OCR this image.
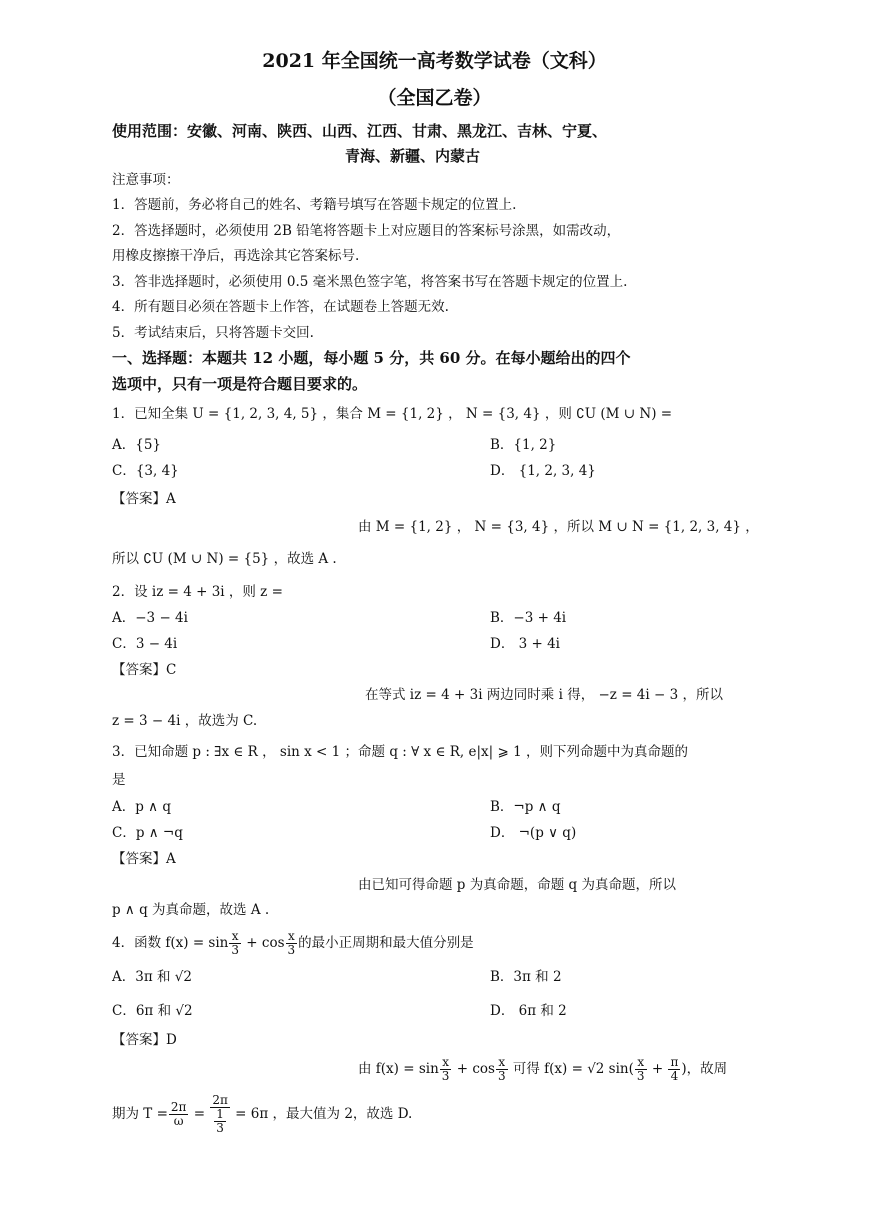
2021 年全国统一高考数学试卷（文科）
（全国乙卷）
使用范围：安徽、河南、陕西、山西、江西、甘肃、黑龙江、吉林、宁夏、
青海、新疆、内蒙古
注意事项：
1．答题前，务必将自己的姓名、考籍号填写在答题卡规定的位置上.
2．答选择题时，必须使用 2B 铅笔将答题卡上对应题目的答案标号涂黑，如需改动，
用橡皮擦擦干净后，再选涂其它答案标号.
3．答非选择题时，必须使用 0.5 毫米黑色签字笔，将答案书写在答题卡规定的位置上.
4．所有题目必须在答题卡上作答，在试题卷上答题无效.
5．考试结束后，只将答题卡交回.
一、选择题：本题共 12 小题，每小题 5 分，共 60 分。在每小题给出的四个
选项中，只有一项是符合题目要求的。
1．已知全集 U = {1, 2, 3, 4, 5} ，集合 M = {1, 2} ， N = {3, 4} ，则 ∁U (M ∪ N) =
A．{5}	B．{1, 2}
C．{3, 4}	D． {1, 2, 3, 4}
【答案】A
由 M = {1, 2} ， N = {3, 4} ，所以 M ∪ N = {1, 2, 3, 4} ，
所以 ∁U (M ∪ N) = {5} ，故选 A .
2．设 iz = 4 + 3i ，则 z =
A．−3 − 4i	B．−3 + 4i
C．3 − 4i	D． 3 + 4i
【答案】C
在等式 iz = 4 + 3i 两边同时乘 i 得， −z = 4i − 3 ，所以
z = 3 − 4i ，故选为 C.
3．已知命题 p : ∃x ∈ R ， sin x < 1 ；命题 q : ∀ x ∈ R, e|x| ⩾ 1 ，则下列命题中为真命题的
是
A．p ∧ q	B．¬p ∧ q
C．p ∧ ¬q	D． ¬(p ∨ q)
【答案】A
由已知可得命题 p 为真命题，命题 q 为真命题，所以
p ∧ q 为真命题，故选 A .
4．函数 $f(x) = \sin \frac{x}{3} + \cos \frac{x}{3}$ 的最小正周期和最大值分别是
A．3π 和 √2	B．3π 和 2
C．6π 和 √2	D． 6π 和 2
【答案】D
由 $f(x) = \sin \frac{x}{3} + \cos \frac{x}{3}$ 可得 f(x) = √2 $\sin( \frac{x}{3} + \frac{\pi}{4}$ )，故周
期为 $T = \frac{2\pi}{\omega} = \frac{2\pi}{\frac{1}{3}} = 6\pi$ ，最大值为 2，故选 D.
